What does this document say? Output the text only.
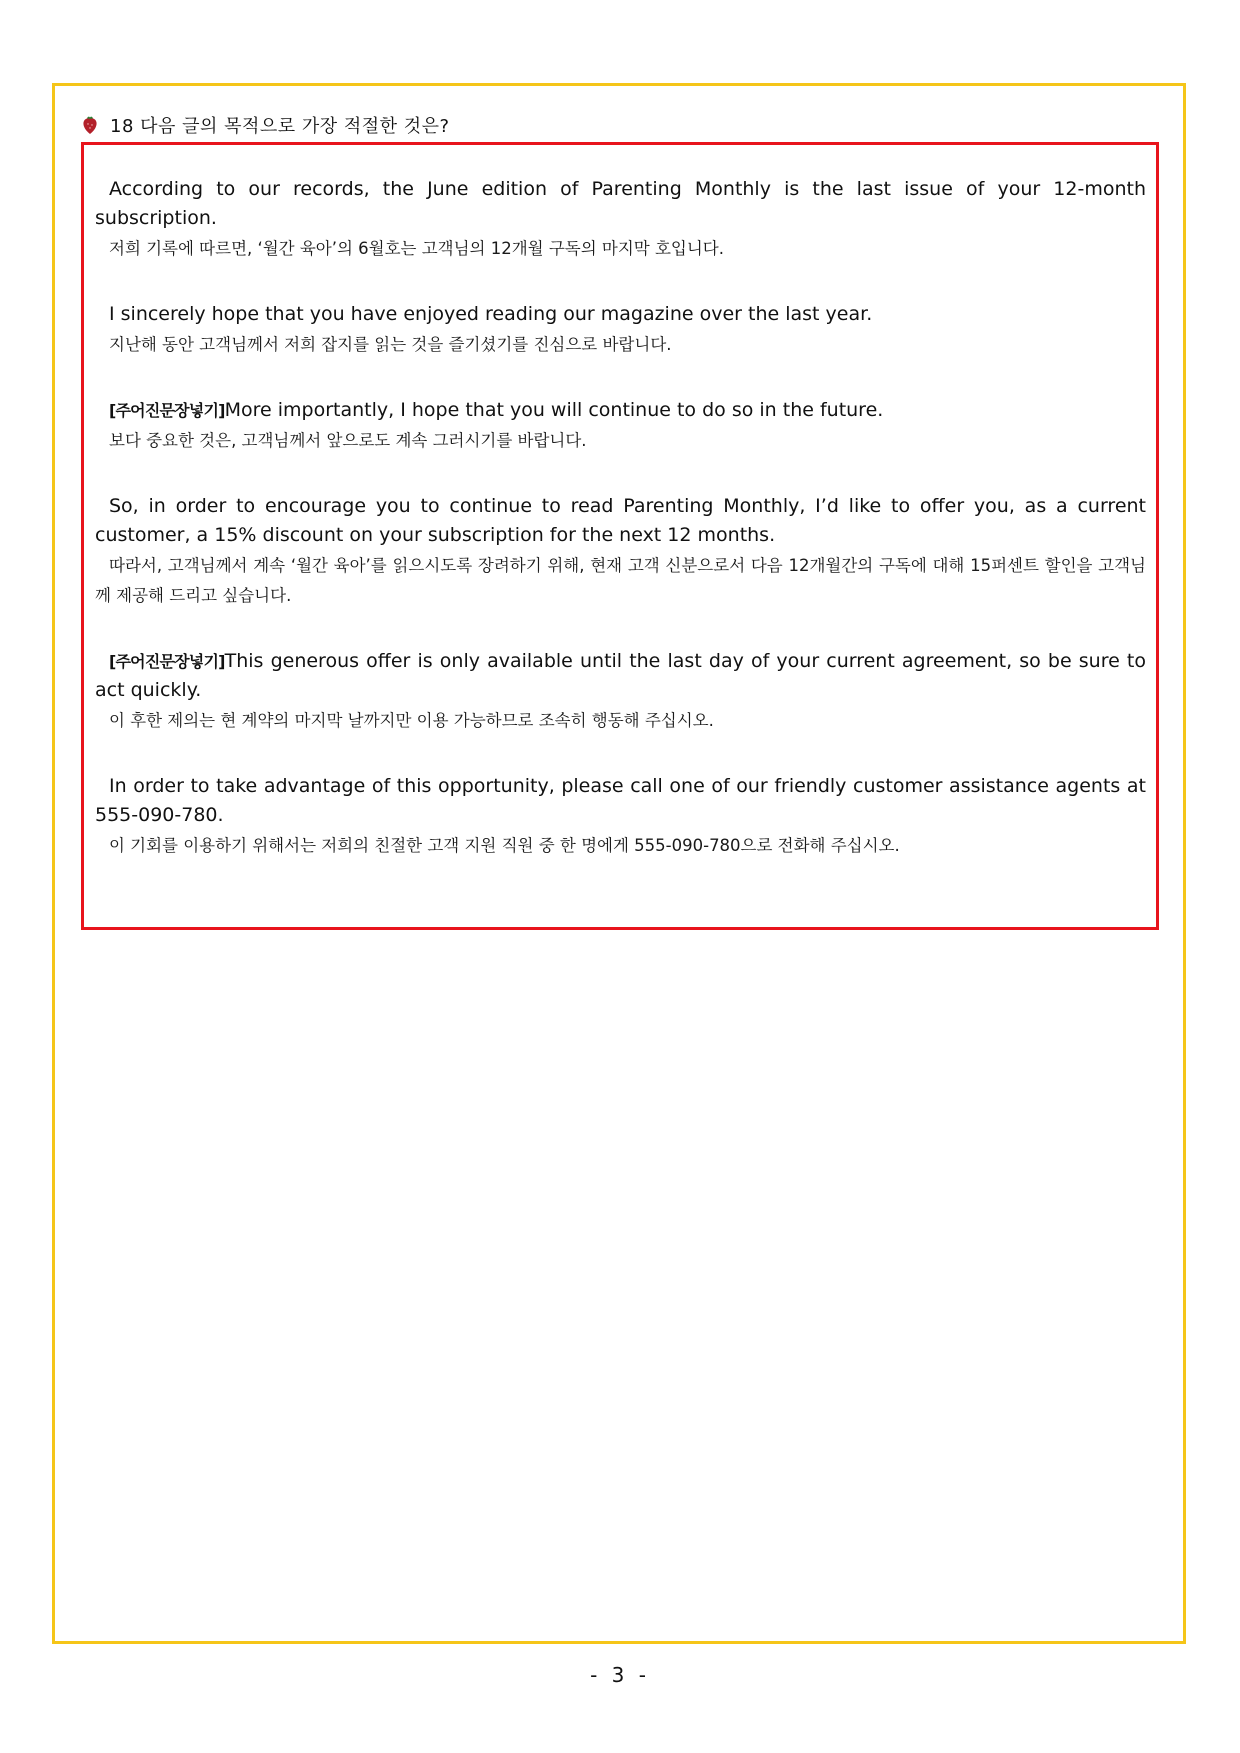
18 다음 글의 목적으로 가장 적절한 것은?

According to our records, the June edition of Parenting Monthly is the last issue of your 12-month subscription.

저희 기록에 따르면, ‘월간 육아’의 6월호는 고객님의 12개월 구독의 마지막 호입니다.

I sincerely hope that you have enjoyed reading our magazine over the last year.

지난해 동안 고객님께서 저희 잡지를 읽는 것을 즐기셨기를 진심으로 바랍니다.

[주어진문장넣기]More importantly, I hope that you will continue to do so in the future.

보다 중요한 것은, 고객님께서 앞으로도 계속 그러시기를 바랍니다.

So, in order to encourage you to continue to read Parenting Monthly, I’d like to offer you, as a current customer, a 15% discount on your subscription for the next 12 months.

따라서, 고객님께서 계속 ‘월간 육아’를 읽으시도록 장려하기 위해, 현재 고객 신분으로서 다음 12개월간의 구독에 대해 15퍼센트 할인을 고객님께 제공해 드리고 싶습니다.

[주어진문장넣기]This generous offer is only available until the last day of your current agreement, so be sure to act quickly.

이 후한 제의는 현 계약의 마지막 날까지만 이용 가능하므로 조속히 행동해 주십시오.

In order to take advantage of this opportunity, please call one of our friendly customer assistance agents at 555-090-780.

이 기회를 이용하기 위해서는 저희의 친절한 고객 지원 직원 중 한 명에게 555-090-780으로 전화해 주십시오.

- 3 -
